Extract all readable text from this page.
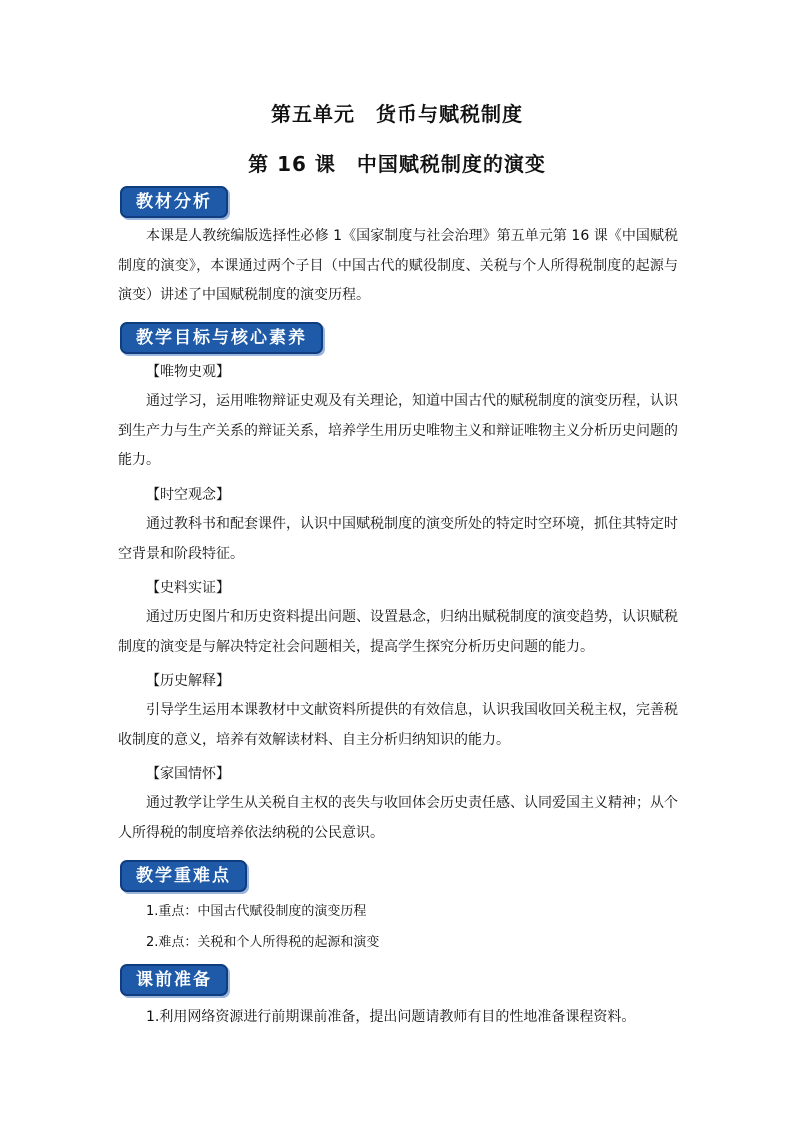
第五单元　货币与赋税制度
第 16 课　中国赋税制度的演变
教材分析
本课是人教统编版选择性必修 1《国家制度与社会治理》第五单元第 16 课《中国赋税制度的演变》，本课通过两个子目（中国古代的赋役制度、关税与个人所得税制度的起源与演变）讲述了中国赋税制度的演变历程。
教学目标与核心素养
【唯物史观】
通过学习，运用唯物辩证史观及有关理论，知道中国古代的赋税制度的演变历程，认识到生产力与生产关系的辩证关系，培养学生用历史唯物主义和辩证唯物主义分析历史问题的能力。
【时空观念】
通过教科书和配套课件，认识中国赋税制度的演变所处的特定时空环境，抓住其特定时空背景和阶段特征。
【史料实证】
通过历史图片和历史资料提出问题、设置悬念，归纳出赋税制度的演变趋势，认识赋税制度的演变是与解决特定社会问题相关，提高学生探究分析历史问题的能力。
【历史解释】
引导学生运用本课教材中文献资料所提供的有效信息，认识我国收回关税主权，完善税收制度的意义，培养有效解读材料、自主分析归纳知识的能力。
【家国情怀】
通过教学让学生从关税自主权的丧失与收回体会历史责任感、认同爱国主义精神；从个人所得税的制度培养依法纳税的公民意识。
教学重难点
1.重点：中国古代赋役制度的演变历程
2.难点：关税和个人所得税的起源和演变
课前准备
1.利用网络资源进行前期课前准备，提出问题请教师有目的性地准备课程资料。
